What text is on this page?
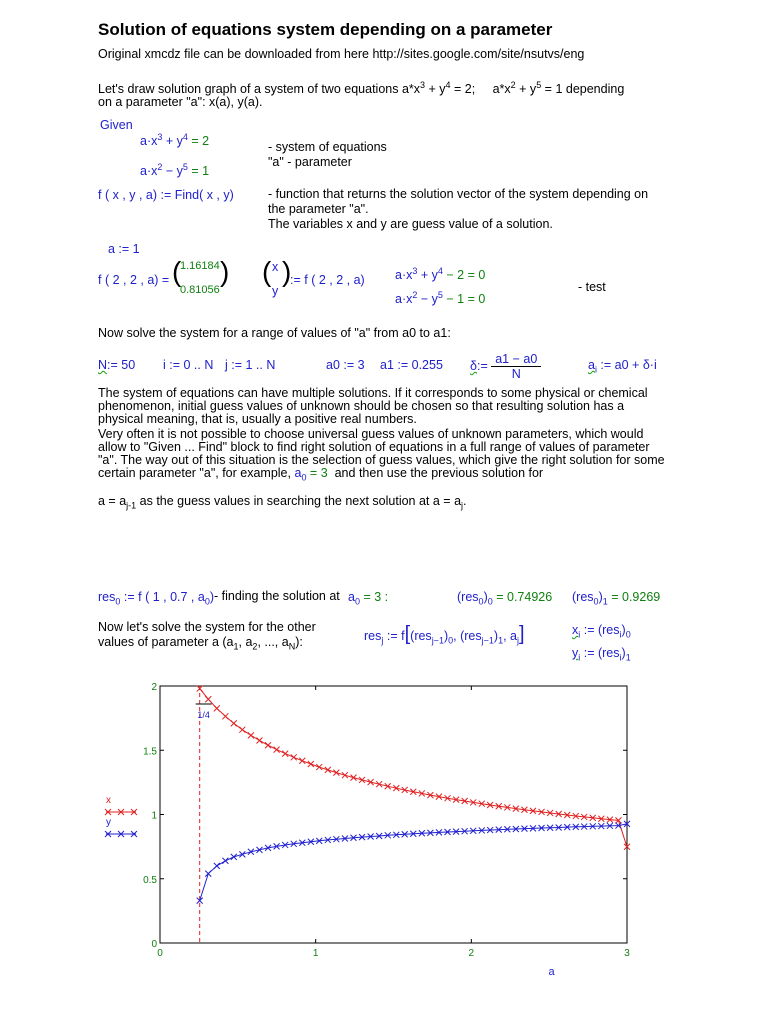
Solution of equations system depending on a parameter
Original xmcdz file can be downloaded from here http://sites.google.com/site/nsutvs/eng
Let's draw solution graph of a system of two equations $a*x^3 + y^4 = 2$; $a*x^2 + y^5 = 1$ depending
on a parameter "a": x(a), y(a).
Given
$a\cdot x^3 + y^4 = 2$
$a\cdot x^2 - y^5 = 1$
- system of equations
"a" - parameter
f ( x , y , a) := Find( x , y)	- function that returns the solution vector of the system depending on
the parameter "a".
The variables x and y are guess value of a solution.
a := 1
f ( 2 , 2 , a) = (
1.16184
0.81056
) ( x
y
)
:= f ( 2 , 2 , a) $a\cdot x^3 + y^4 - 2 = 0$
$a\cdot x^2 - y^5 - 1 = 0$
- test
Now solve the system for a range of values of "a" from a0 to a1:
N:= 50 i := 0 .. N j := 1 .. N	a0 := 3 a1 := 0.255 δ:= $\frac{a1 - a0}{N}$	$a_i$ := a0 + δ·i
The system of equations can have multiple solutions. If it corresponds to some physical or chemical phenomenon, initial guess values of unknown should be chosen so that resulting solution has a physical meaning, that is, usually a positive real numbers.
Very often it is not possible to choose universal guess values of unknown parameters, which would allow to "Given ... Find" block to find right solution of equations in a full range of values of parameter "a". The way out of this situation is the selection of guess values, which give the right solution for some certain parameter "a", for example, $a_0 = 3$ and then use the previous solution for
$a = a_{j-1}$ as the guess values in searching the next solution at $a = a_j$.
res$_0$ := f ( 1 , 0.7 , $a_0$) - finding the solution at $a_0 = 3$ :	$(res_0)_0 = 0.74926$ $(res_0)_1 = 0.9269$
Now let's solve the system for the other
values of parameter a ($a_1$, $a_2$, ..., $a_N$):	res$_j$ := $f[(res_{j-1})_0$, $(res_{j-1})_1$, $a_j$]	$x_i$ := $(res_i)_0$
$y_i$ := $(res_i)_1$
1/4
0	1	2	3
0
0.5
1
1.5
2
a
x
y
